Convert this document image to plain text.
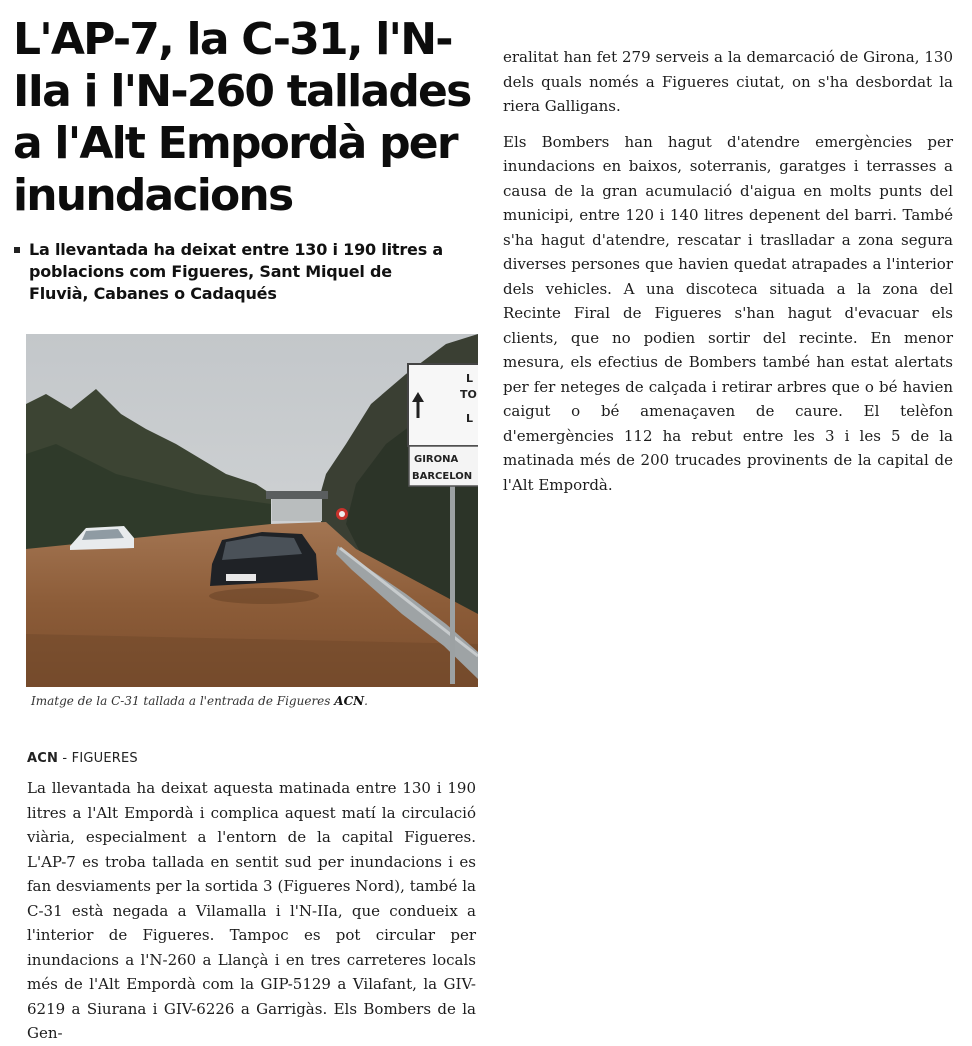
L'AP-7, la C-31, l'N-IIa i l'N-260 tallades a l'Alt Empordà per inundacions
La llevantada ha deixat entre 130 i 190 litres a poblacions com Figueres, Sant Miquel de Fluvià, Cabanes o Cadaqués
L
TO
L
GIRONA
BARCELON
Imatge de la C-31 tallada a l'entrada de Figueres ACN.
ACN - FIGUERES

La llevantada ha deixat aquesta matinada entre 130 i 190 litres a l'Alt Empordà i complica aquest matí la circulació viària, especialment a l'entorn de la capital Figueres. L'AP-7 es troba tallada en sentit sud per inundacions i es fan desviaments per la sortida 3 (Figueres Nord), també la C-31 està negada a Vilamalla i l'N-IIa, que condueix a l'interior de Figueres. Tampoc es pot circular per inundacions a l'N-260 a Llançà i en tres carreteres locals més de l'Alt Empordà com la GIP-5129 a Vilafant, la GIV-6219 a Siurana i GIV-6226 a Garrigàs. Els Bombers de la Gen-

eralitat han fet 279 serveis a la demarcació de Girona, 130 dels quals només a Figueres ciutat, on s'ha desbordat la riera Galligans.

Els Bombers han hagut d'atendre emergències per inundacions en baixos, soterranis, garatges i terrasses a causa de la gran acumulació d'aigua en molts punts del municipi, entre 120 i 140 litres depenent del barri. També s'ha hagut d'atendre, rescatar i traslladar a zona segura diverses persones que havien quedat atrapades a l'interior dels vehicles. A una discoteca situada a la zona del Recinte Firal de Figueres s'han hagut d'evacuar els clients, que no podien sortir del recinte. En menor mesura, els efectius de Bombers també han estat alertats per fer neteges de calçada i retirar arbres que o bé havien caigut o bé amenaçaven de caure. El telèfon d'emergències 112 ha rebut entre les 3 i les 5 de la matinada més de 200 trucades provinents de la capital de l'Alt Empordà.
